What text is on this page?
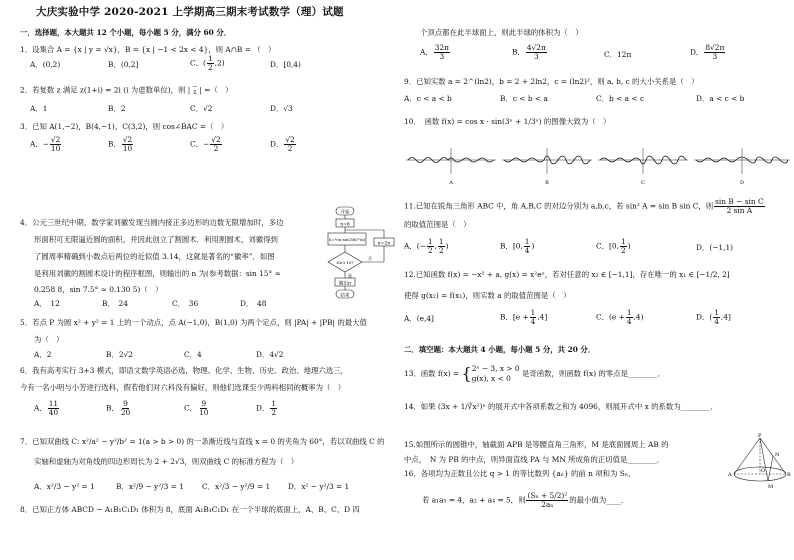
大庆实验中学 2020-2021 上学期高三期末考试数学（理）试题
一．选择题，本大题共 12 个小题，每小题 5 分，满分 60 分．
1．设集合 A = {x | y = √x}，B = {x | −1 < 2x < 4}，则 A∩B = （　）
A．(0,2)	B．(0,2]	C．( $\frac{1}{2} ,2$)	D．[0,4)
2．若复数 z 满足 z(1+i) = 2i (i 为虚数单位)，则 | −
z | =（　）
A．1	B．2	C．√2	D．√3
3．已知 A(1,−2)，B(4,−1)，C(3,2)，则 cos∠BAC =（　）
A．− $\frac{√2}{10}$	B． $\frac{√2}{10}$	C．− $\frac{√2}{2}$	D． $\frac{√2}{2}$
4．公元三世纪中期，数学家刘徽发现当圆内接正多边形的边数无限增加时，多边
形面积可无限逼近圆的面积，并因此创立了割圆术．利用割圆术，刘徽得到
了圆周率精确到小数点后两位的近似值 3.14，这就是著名的“徽率”．如图
是利用刘徽的割圆术设计的程序框图，则输出的 n 为(参考数据：sin 15° ≈
0.258 8，sin 7.5° ≈ 0.130 5)（　）
A．　12	B．　24	C．　36	D．　48
开始
n=6
S=½n·sin(360°/n)
S≥3.10?
是
否
输出n
结束
n=2n
5．若点 P 为圆 x² + y² = 1 上的一个动点，点 A(−1,0)，B(1,0) 为两个定点，则 |PA| + |PB| 的最大值
为（　）
A．2	B．2√2	C．4	D．4√2
6．我有高考实行 3+3 模式，即语文数学英语必选，物理、化学、生物、历史、政治、地理六选三，
今有一名小明与小芳进行选科，假若他们对六科没有偏好，则他们选课至少两科相同的概率为（　）
A． $\frac{11}{40}$	B． $\frac{9}{20}$	C． $\frac{9}{10}$	D． $\frac{1}{2}$
7．已知双曲线 C: x²/a² − y²/b² = 1(a > b > 0) 的一条渐近线与直线 x = 0 的夹角为 60°，若以双曲线 C 的
实轴和虚轴为对角线的四边形周长为 2 + 2√3，则双曲线 C 的标准方程为（　）
A．x²/3 − y² = 1	B．x²/9 − y²/3 = 1 C．x²/3 − y²/9 = 1 D．x² − y²/3 = 1
8．已知正方体 ABCD − A₁B₁C₁D₁ 体积为 8，底面 A₁B₁C₁D₁ 在一个半球的底面上，A、B、C、D 四
个顶点都在此半球面上，则此半球的体积为（　）
A． $\frac{32\pi}{3}$	B． $\frac{4√2\pi}{3}$	C．12π	D． $\frac{8√2\pi}{3}$
9．已知实数 a = 2^(ln2)，b = 2 + 2ln2，c = (ln2)²，则 a, b, c 的大小关系是（　）
A．c < a < b	B．c < b < a	C．b < a < c	D．a < c < b
10．　函数 f(x) = cos x · sin(3ˣ + 1/3ˣ) 的图像大致为（　）
A	B	C	D
11.已知在锐角三角形 ABC 中，角 A,B,C 的对边分别为 a,b,c，若 sin² A = sin B sin C，则 $\frac{\text{sin B − sin C}}{\text{2 sin A}}$
的取值范围是（　）
A．(− $\frac{1}{2}$ , $\frac{1}{2}$ )	B．[0, $\frac{1}{4}$ )	C．[0, $\frac{1}{2}$ )	D．(−1,1)
12.已知函数 f(x) = −x² + a, g(x) = x²eˣ，若对任意的 x₂ ∈ [−1,1]，存在唯一的 x₁ ∈ [−1/2, 2]
使得 g(x₂) = f(x₁)，则实数 a 的取值范围是（　）
A．(e,4]	B．$[e + \frac{1}{4} ,4]$	C．$(e + \frac{1}{4} ,4)$	D．( $\frac{1}{4} ,4$]
二．填空题：本大题共 4 小题，每小题 5 分，共 20 分．
13．函数 f(x) = {2ˣ − 3, x > 0
g(x), x < 0 是奇函数，则函数 f(x) 的零点是________．
14．如果 (3x + 1/∛x²)ⁿ 的展开式中各项系数之和为 4096，则展开式中 x 的系数为________．
15.如图所示的圆锥中，轴截面 APB 是等腰直角三角形，M 是底面圆周上 AB 的
中点，　N 为 PB 的中点，则异面直线 PA 与 MN 所成角的正切值是________．
P
N
O
A	B
M
16．各项均为正数且公比 q > 1 的等比数列 {aₙ} 的前 n 项和为 Sₙ，
若 a₁a₅ = 4，a₂ + a₄ = 5，则 $\frac{\text{(Sₙ + 5/2)²}}{\text{2aₙ}}$ 的最小值为____．
